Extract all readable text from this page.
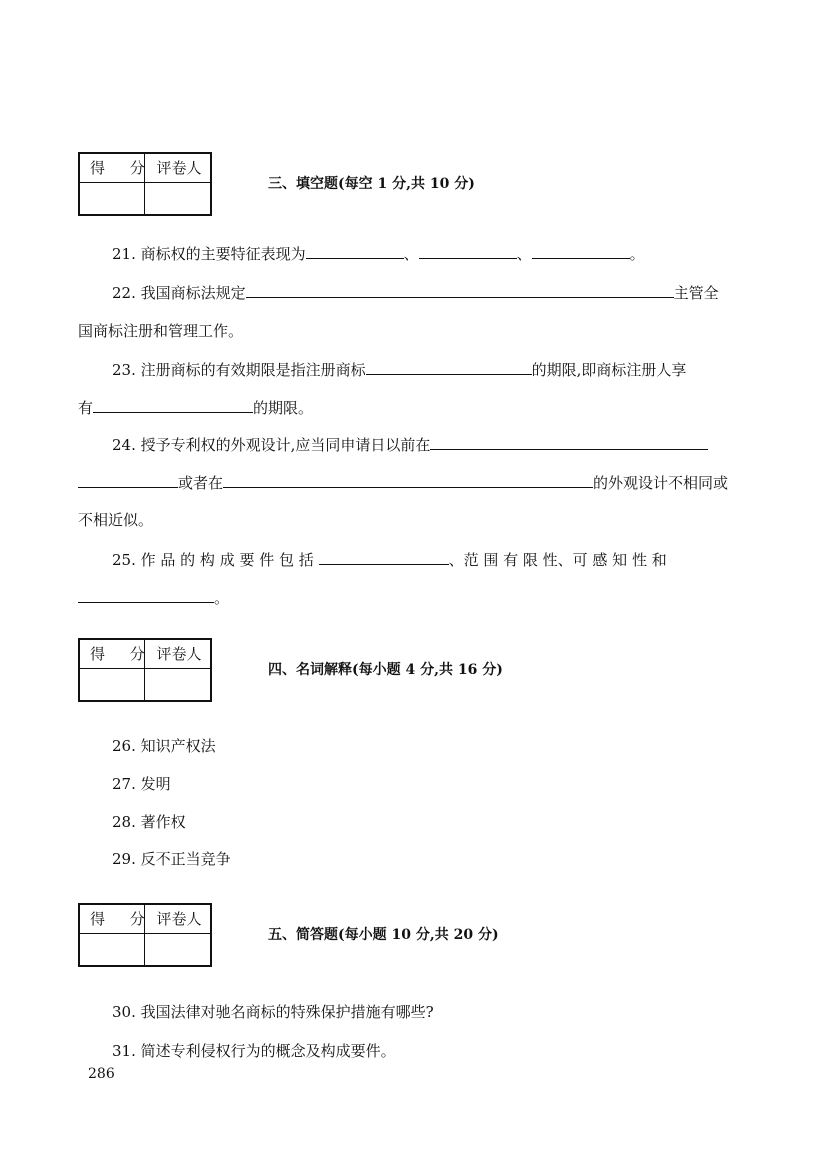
得 分 评卷人
三、填空题(每空 1 分,共 10 分)
21. 商标权的主要特征表现为	、	、	。
22. 我国商标法规定	主管全
国商标注册和管理工作。
23. 注册商标的有效期限是指注册商标	的期限,即商标注册人享
有	的期限。
24. 授予专利权的外观设计,应当同申请日以前在
或者在	的外观设计不相同或
不相近似。
25. 作 品 的 构 成 要 件 包 括	、范 围 有 限 性、可 感 知 性 和
。
得 分 评卷人
四、名词解释(每小题 4 分,共 16 分)
26. 知识产权法
27. 发明
28. 著作权
29. 反不正当竞争
得 分 评卷人
五、简答题(每小题 10 分,共 20 分)
30. 我国法律对驰名商标的特殊保护措施有哪些?
31. 简述专利侵权行为的概念及构成要件。
286
